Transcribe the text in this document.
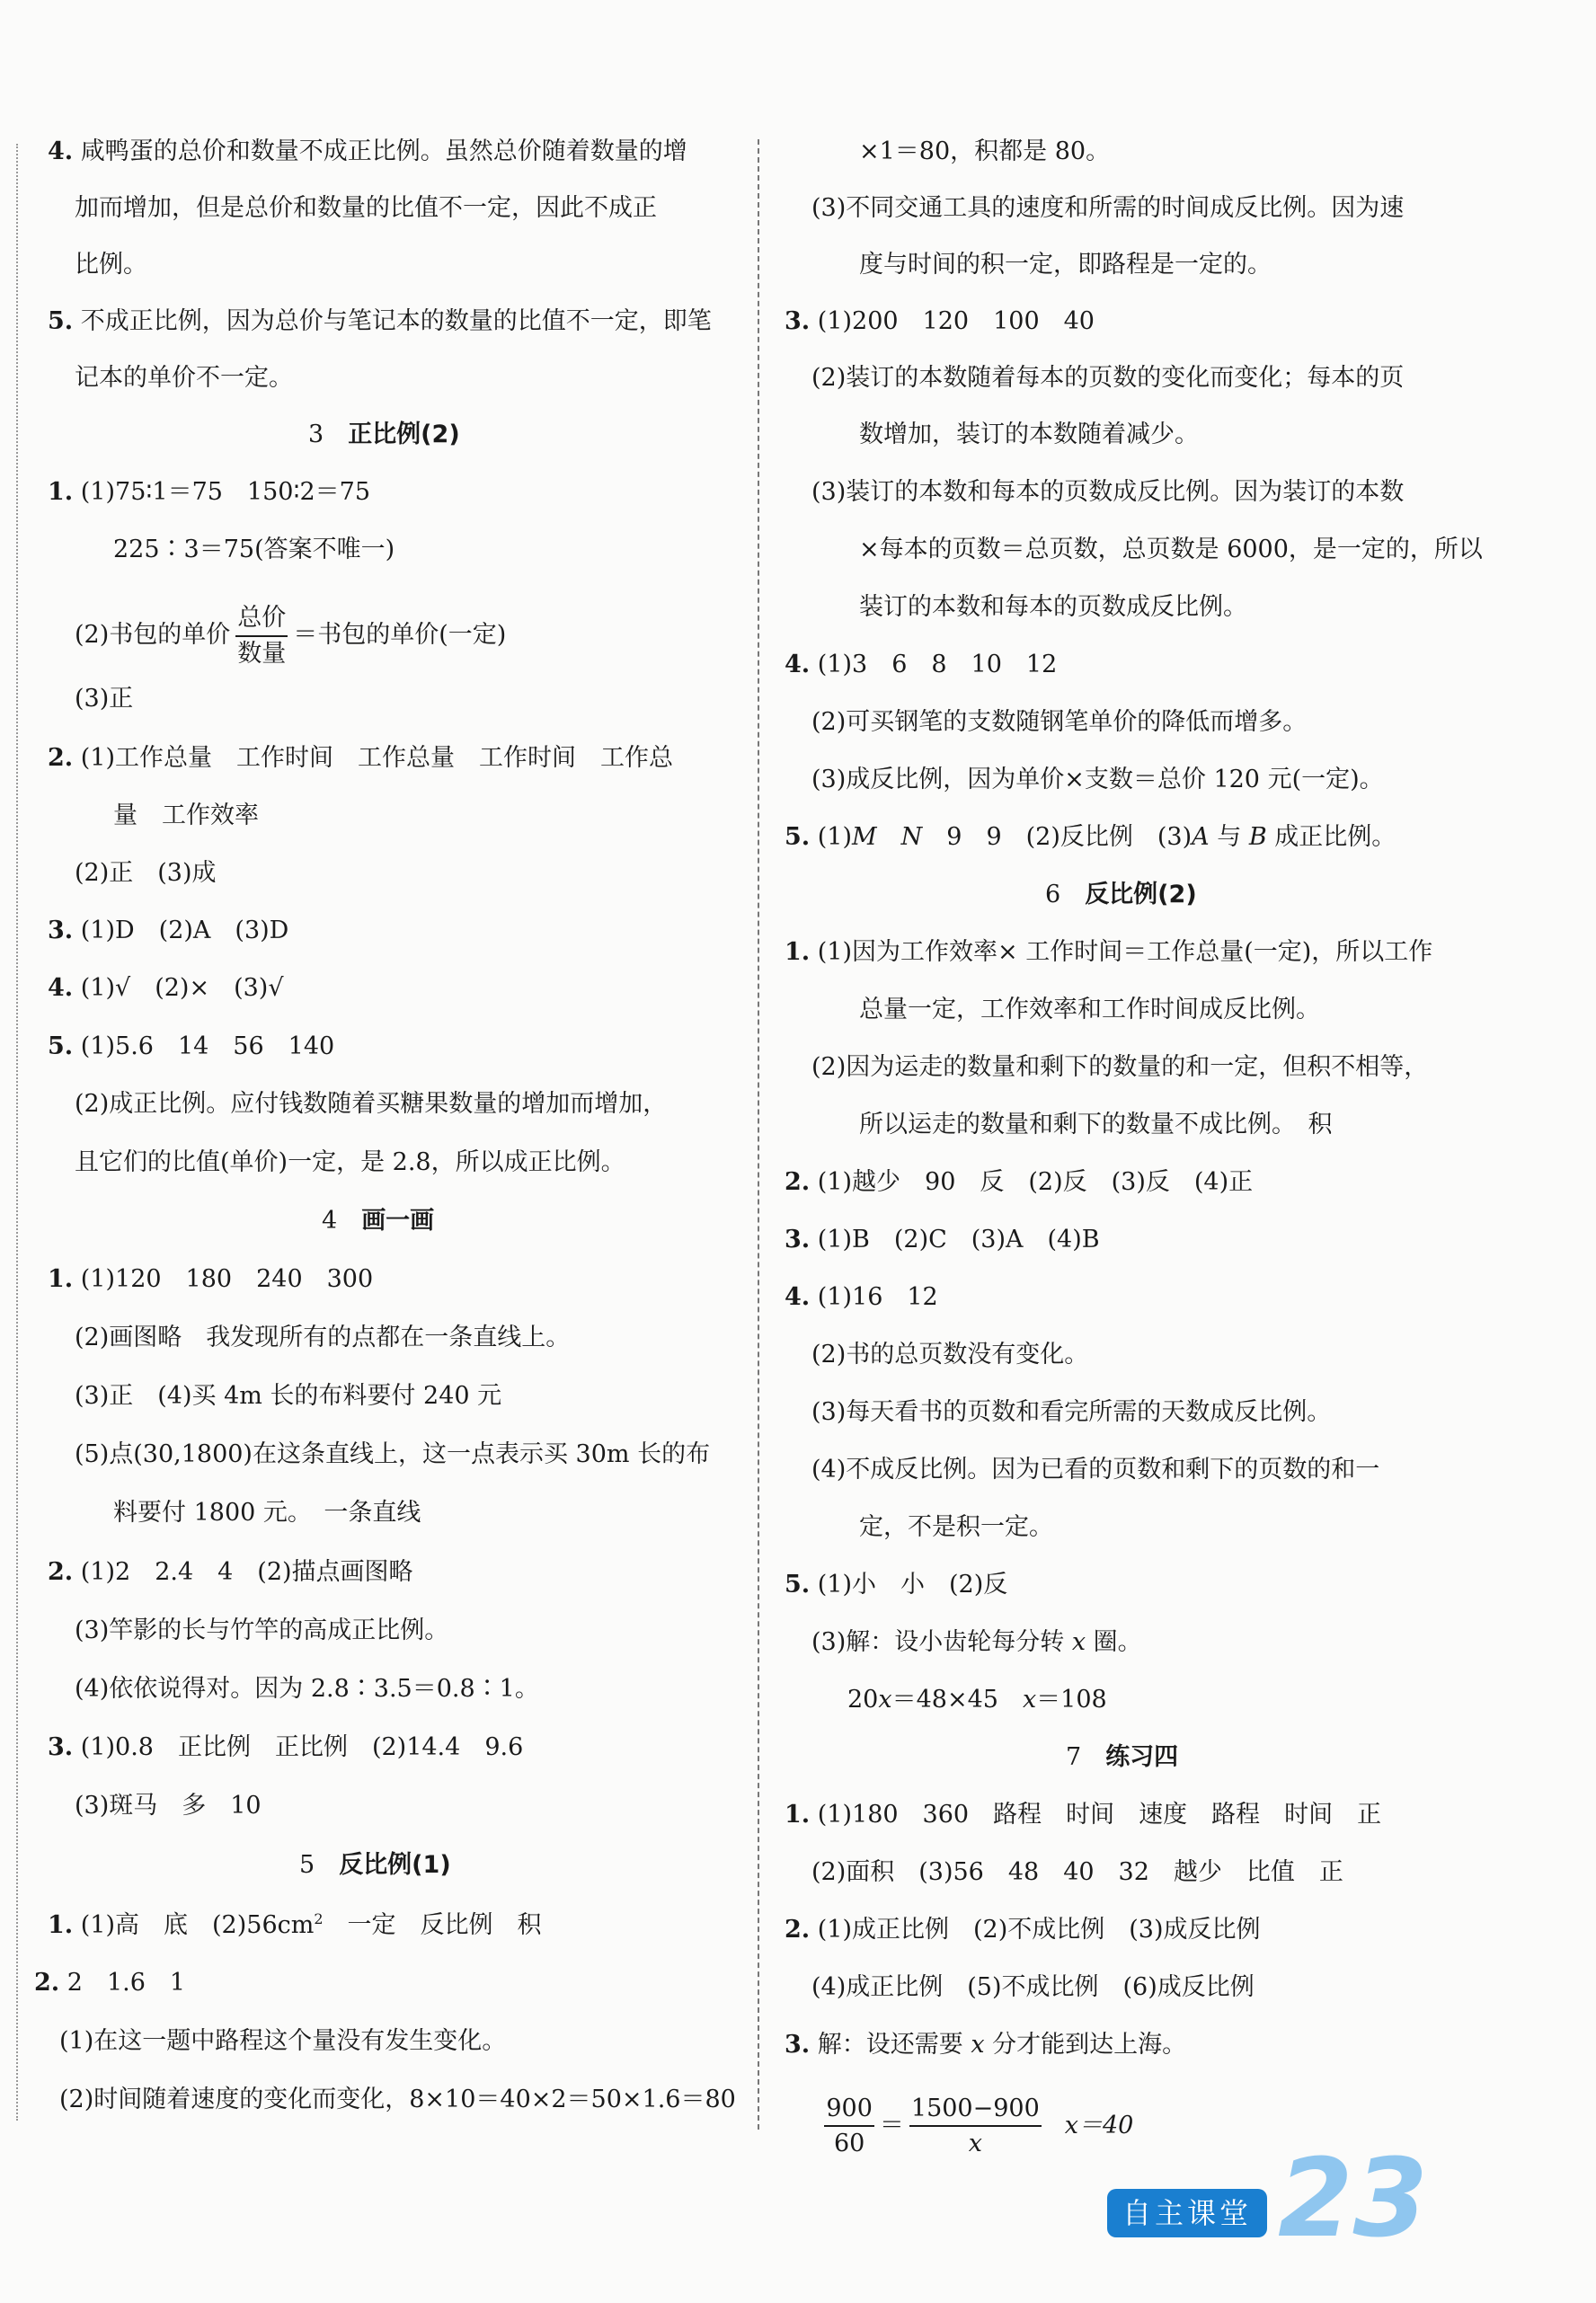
4. 咸鸭蛋的总价和数量不成正比例。虽然总价随着数量的增
加而增加，但是总价和数量的比值不一定，因此不成正
比例。
5. 不成正比例，因为总价与笔记本的数量的比值不一定，即笔
记本的单价不一定。
3　 正比例(2)
1. (1)75∶1＝75　150∶2＝75
225∶3＝75(答案不唯一)
(2)书包的单价 $\frac{\text{总价}}{\text{数量}}$ ＝书包的单价(一定)
(3)正
2. (1)工作总量　工作时间　工作总量　工作时间　工作总
量　工作效率
(2)正　(3)成
3. (1)D　(2)A　(3)D
4. (1)√　(2)×　(3)√
5. (1)5.6　14　56　140
(2)成正比例。应付钱数随着买糖果数量的增加而增加，
且它们的比值(单价)一定，是 2.8，所以成正比例。
4　 画一画
1. (1)120　180　240　300
(2)画图略　我发现所有的点都在一条直线上。
(3)正　(4)买 4m 长的布料要付 240 元
(5)点(30,1800)在这条直线上，这一点表示买 30m 长的布
料要付 1800 元。　一条直线
2. (1)2　2.4　4　(2)描点画图略
(3)竿影的长与竹竿的高成正比例。
(4)依依说得对。因为 2.8∶3.5＝0.8∶1。
3. (1)0.8　正比例　正比例　(2)14.4　9.6
(3)斑马　多　10
5　 反比例(1)
1. (1)高　底　$(2)56cm^2$　一定　反比例　积
2. 2　1.6　1
(1)在这一题中路程这个量没有发生变化。
(2)时间随着速度的变化而变化，8×10＝40×2＝50×1.6＝80
×1＝80，积都是 80。
(3)不同交通工具的速度和所需的时间成反比例。因为速
度与时间的积一定，即路程是一定的。
3. (1)200　120　100　40
(2)装订的本数随着每本的页数的变化而变化；每本的页
数增加，装订的本数随着减少。
(3)装订的本数和每本的页数成反比例。因为装订的本数
×每本的页数＝总页数，总页数是 6000，是一定的，所以
装订的本数和每本的页数成反比例。
4. (1)3　6　8　10　12
(2)可买钢笔的支数随钢笔单价的降低而增多。
(3)成反比例，因为单价×支数＝总价 120 元(一定)。
5. (1)M　 N　9　9　(2)反比例　(3)A 与 B 成正比例。
6　 反比例(2)
1. (1)因为工作效率× 工作时间＝工作总量(一定)，所以工作
总量一定，工作效率和工作时间成反比例。
(2)因为运走的数量和剩下的数量的和一定，但积不相等，
所以运走的数量和剩下的数量不成比例。　积
2. (1)越少　90　反　(2)反　(3)反　(4)正
3. (1)B　(2)C　(3)A　(4)B
4. (1)16　12
(2)书的总页数没有变化。
(3)每天看书的页数和看完所需的天数成反比例。
(4)不成反比例。因为已看的页数和剩下的页数的和一
定，不是积一定。
5. (1)小　小　(2)反
(3)解：设小齿轮每分转 x 圈。
20x＝48×45　x＝108
7　 练习四
1. (1)180　360　路程　时间　速度　路程　时间　正
(2)面积　(3)56　48　40　32　越少　比值　正
2. (1)成正比例　(2)不成比例　(3)成反比例
(4)成正比例　(5)不成比例　(6)成反比例
3. 解：设还需要 x 分才能到达上海。

$\frac{900}{60} = \frac{1500-900}{x} x=40$

自主课堂 23
